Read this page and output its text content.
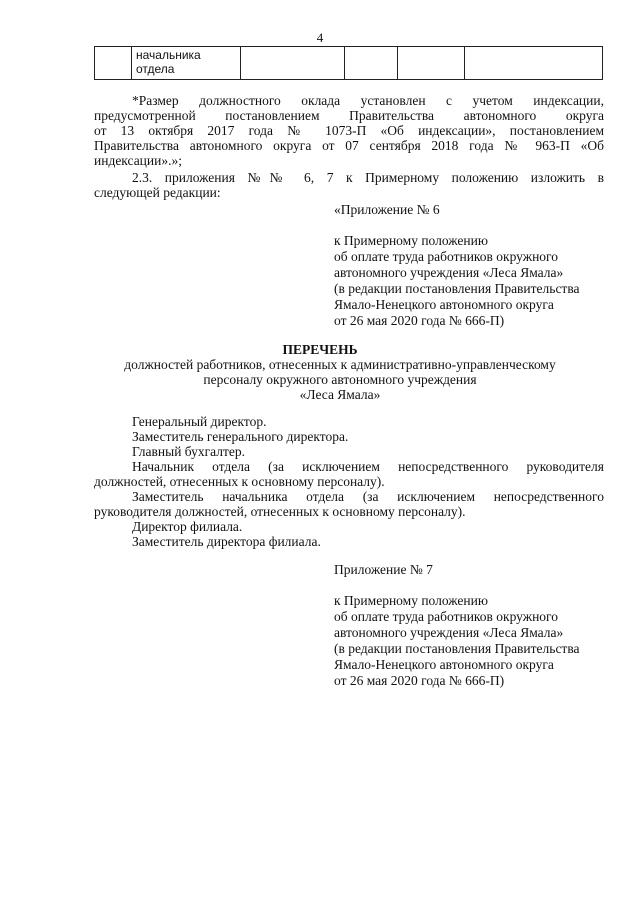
4
	начальника отдела				
*Размер должностного оклада установлен с учетом индексации,
предусмотренной постановлением Правительства автономного округа
от 13 октября 2017 года № 1073-П «Об индексации», постановлением
Правительства автономного округа от 07 сентября 2018 года № 963-П «Об
индексации».»;
2.3. приложения №№ 6, 7 к Примерному положению изложить в
следующей редакции:
«Приложение № 6
к Примерному положению
об оплате труда работников окружного
автономного учреждения «Леса Ямала»
(в редакции постановления Правительства
Ямало-Ненецкого автономного округа
от 26 мая 2020 года № 666-П)
ПЕРЕЧЕНЬ
должностей работников, отнесенных к административно-управленческому
персоналу окружного автономного учреждения
«Леса Ямала»
Генеральный директор.
Заместитель генерального директора.
Главный бухгалтер.
Начальник отдела (за исключением непосредственного руководителя должностей, отнесенных к основному персоналу).
Заместитель начальника отдела (за исключением непосредственного руководителя должностей, отнесенных к основному персоналу).
Директор филиала.
Заместитель директора филиала.
Приложение № 7
к Примерному положению
об оплате труда работников окружного
автономного учреждения «Леса Ямала»
(в редакции постановления Правительства
Ямало-Ненецкого автономного округа
от 26 мая 2020 года № 666-П)
